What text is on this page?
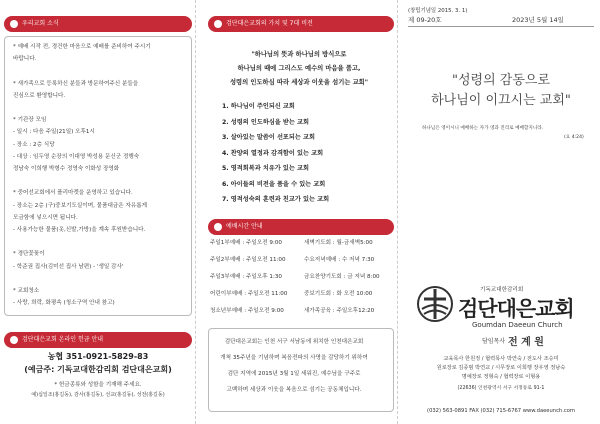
우리교회 소식
* 예배 시작 전, 경건한 마음으로 예배를 준비하여 주시기
바랍니다.
* 새가족으로 등록하신 분들과 방문하여주신 분들을
진심으로 환영합니다.
* 기관장 모임
- 일시 : 다음 주일(21일) 오후1시
- 장소 : 2층 식당
- 대상 : 임두영 순장의 이대영 박성용 문신군 정행숙
정남숙 이희행 박형수 정영숙 이화성 장영화
* 중어선교회에서 플리마켓을 운영하고 있습니다.
- 장소는 2층 (구)중보기도실이며, 물품대금은 자유롭게
모금함에 넣으시면 됩니다.
- 사용가능한 물품(옷,신발,가방)을 계속 후원받습니다.
* 경단꽃꽂이
- 학준권 집사(김미선 집사 남편) - '생일 감사'
* 교회청소
- 사랑, 희락, 화평속 (청소구역 안내 참고)
검단대은교회 온라인 헌금 안내
농협 351-0921-5829-83
(예금주: 기독교대한감리회 검단대은교회)
* 헌금종류와 성함을 기재해 주세요.
예)십일조(홍길동), 감사(홍길동), 선교(홍길동), 성전(홍길동)
검단대은교회의 가치 및 7대 비전
"하나님의 뜻과 하나님의 방식으로
하나님의 때에 그리스도 예수의 마음을 품고,
성령의 인도하심 따라 세상과 이웃을 섬기는 교회"
1. 하나님이 주인되신 교회
2. 성령의 인도하심을 받는 교회
3. 살아있는 말씀이 선포되는 교회
4. 찬양의 열정과 감격함이 있는 교회
5. 영적회복과 치유가 있는 교회
6. 아이들의 비전을 품을 수 있는 교회
7. 영적성숙의 훈련과 친교가 있는 교회
예배시간 안내
주일1부예배 : 주일오전 9:00	새벽기도회 : 월-금새벽5:00
주일2부예배 : 주일오전 11:00	수요저녁예배 : 수 저녁 7:30
주일3부예배 : 주일오후 1:30	금요찬양기도회 : 금 저녁 8:00
어린이부예배 : 주일오전 11:00	중보기도회 : 화 오전 10:00
청소년부예배 : 주일오전 9:00	새가족공육 : 주일오후12:20
검단대은교회는 인천 서구 서남동에 위치한 인천대은교회
개척 35주년을 기념하며 복음전파의 사명을 감당하기 위하여
검단 지역에 2015년 3월 1일 세워진, 예수님을 구주로
고백하며 세상과 이웃을 복음으로 섬기는 공동체입니다.
(창립기념일 2015. 3. 1)
제 09-20호	2023년 5월 14일
"성령의 감동으로
하나님이 이끄시는 교회"
하나님은 영이시니 예배하는 자가 영과 진리로 예배할지니라.
(요 4:24)
기독교대한감리회
검단대은교회
Goumdan Daeeun Church
담임목사 전 계 원
교육목사 한원정 / 협력목사 박연숙 / 전도사 조승미
원로장로 김종범 박연교 / 시무장로 이희행 장우영 정남숙
명예장로 정형숙 / 협력장로 이형용
(22636) 인천광역시 서구 서정동로 91-1
(032) 563-0891 FAX (032) 715-6767 www.daeeunch.com
